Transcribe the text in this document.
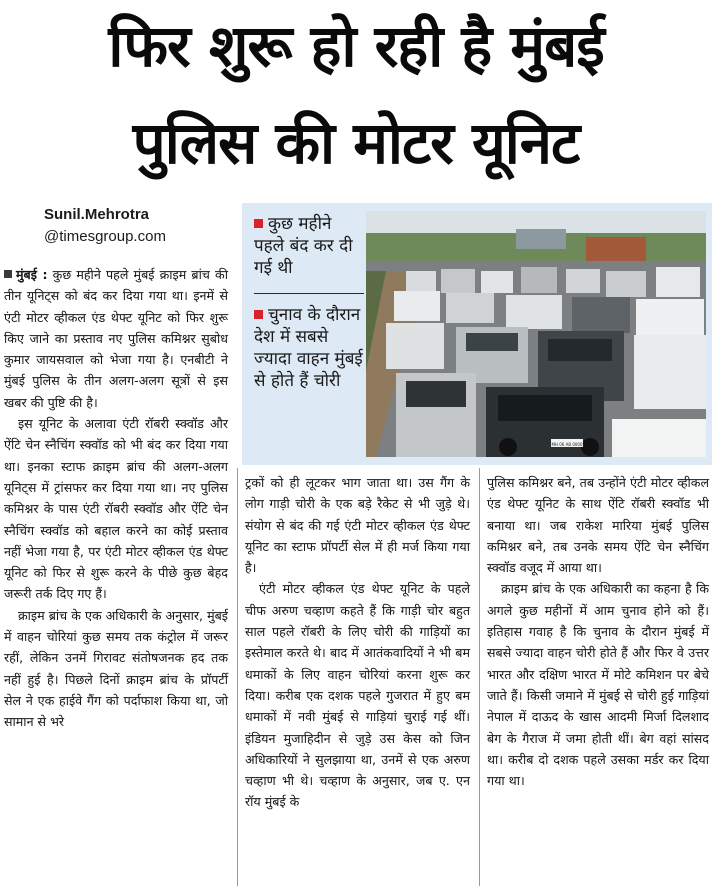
फिर शुरू हो रही है मुंबई
पुलिस की मोटर यूनिट
Sunil.Mehrotra
@timesgroup.com
कुछ महीने पहले बंद कर दी गई थी
चुनाव के दौरान देश में सबसे ज्यादा वाहन मुंबई से होते हैं चोरी
MH 06 AB 0000

मुंबई : कुछ महीने पहले मुंबई क्राइम ब्रांच की तीन यूनिट्स को बंद कर दिया गया था। इनमें से एंटी मोटर व्हीकल एंड थेफ्ट यूनिट को फिर शुरू किए जाने का प्रस्ताव नए पुलिस कमिश्नर सुबोध कुमार जायसवाल को भेजा गया है। एनबीटी ने मुंबई पुलिस के तीन अलग-अलग सूत्रों से इस खबर की पुष्टि की है।

इस यूनिट के अलावा एंटी रॉबरी स्क्वॉड और ऐंटि चेन स्नैचिंग स्क्वॉड को भी बंद कर दिया गया था। इनका स्टाफ क्राइम ब्रांच की अलग-अलग यूनिट्स में ट्रांसफर कर दिया गया था। नए पुलिस कमिश्नर के पास एंटी रॉबरी स्क्वॉड और ऐंटि चेन स्नैचिंग स्क्वॉड को बहाल करने का कोई प्रस्ताव नहीं भेजा गया है, पर एंटी मोटर व्हीकल एंड थेफ्ट यूनिट को फिर से शुरू करने के पीछे कुछ बेहद जरूरी तर्क दिए गए हैं।

क्राइम ब्रांच के एक अधिकारी के अनुसार, मुंबई में वाहन चोरियां कुछ समय तक कंट्रोल में जरूर रहीं, लेकिन उनमें गिरावट संतोषजनक हद तक नहीं हुई है। पिछले दिनों क्राइम ब्रांच के प्रॉपर्टी सेल ने एक हाईवे गैंग को पर्दाफाश किया था, जो सामान से भरे

ट्रकों को ही लूटकर भाग जाता था। उस गैंग के लोग गाड़ी चोरी के एक बड़े रैकेट से भी जुड़े थे। संयोग से बंद की गई एंटी मोटर व्हीकल एंड थेफ्ट यूनिट का स्टाफ प्रॉपर्टी सेल में ही मर्ज किया गया है।

एंटी मोटर व्हीकल एंड थेफ्ट यूनिट के पहले चीफ अरुण चव्हाण कहते हैं कि गाड़ी चोर बहुत साल पहले रॉबरी के लिए चोरी की गाड़ियों का इस्तेमाल करते थे। बाद में आतंकवादियों ने भी बम धमाकों के लिए वाहन चोरियां करना शुरू कर दिया। करीब एक दशक पहले गुजरात में हुए बम धमाकों में नवी मुंबई से गाड़ियां चुराई गई थीं। इंडियन मुजाहिदीन से जुड़े उस केस को जिन अधिकारियों ने सुलझाया था, उनमें से एक अरुण चव्हाण भी थे। चव्हाण के अनुसार, जब ए. एन रॉय मुंबई के

पुलिस कमिश्नर बने, तब उन्होंने एंटी मोटर व्हीकल एंड थेफ्ट यूनिट के साथ ऐंटि रॉबरी स्क्वॉड भी बनाया था। जब राकेश मारिया मुंबई पुलिस कमिश्नर बने, तब उनके समय ऐंटि चेन स्नैचिंग स्क्वॉड वजूद में आया था।

क्राइम ब्रांच के एक अधिकारी का कहना है कि अगले कुछ महीनों में आम चुनाव होने को हैं। इतिहास गवाह है कि चुनाव के दौरान मुंबई में सबसे ज्यादा वाहन चोरी होते हैं और फिर वे उत्तर भारत और दक्षिण भारत में मोटे कमिशन पर बेचे जाते हैं। किसी जमाने में मुंबई से चोरी हुई गाड़ियां नेपाल में दाऊद के खास आदमी मिर्जा दिलशाद बेग के गैराज में जमा होती थीं। बेग वहां सांसद था। करीब दो दशक पहले उसका मर्डर कर दिया गया था।
